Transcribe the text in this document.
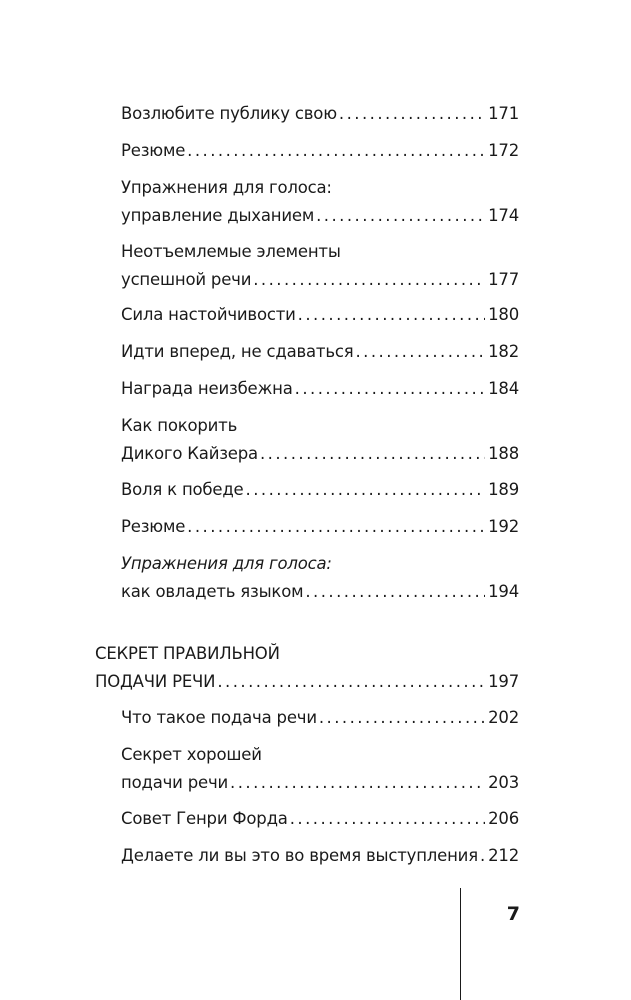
Возлюбите публику свою . . .	171
Резюме . . .	172
Упражнения для голоса:
управление дыханием . . .	174
Неотъемлемые элементы
успешной речи . . .	177
Сила настойчивости . . .	180
Идти вперед, не сдаваться . . .	182
Награда неизбежна . . .	184
Как покорить
Дикого Кайзера . . .	188
Воля к победе . . .	189
Резюме . . .	192
Упражнения для голоса:
как овладеть языком . . .	194
СЕКРЕТ ПРАВИЛЬНОЙ
ПОДАЧИ РЕЧИ . . .	197
Что такое подача речи . . .	202
Секрет хорошей
подачи речи . . .	203
Совет Генри Форда . . .	206
Делаете ли вы это во время выступления . . . 212
7
